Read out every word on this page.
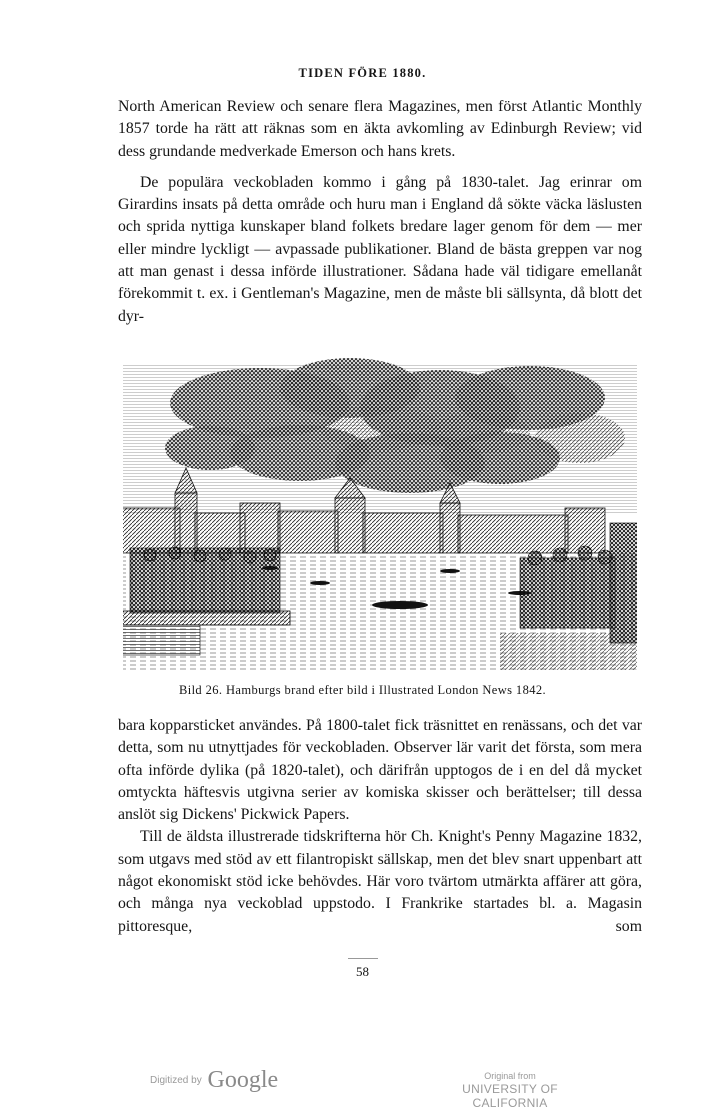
TIDEN FÖRE 1880.

North American Review och senare flera Magazines, men först Atlantic Monthly 1857 torde ha rätt att räknas som en äkta avkomling av Edinburgh Review; vid dess grundande medverkade Emerson och hans krets.

De populära veckobladen kommo i gång på 1830-talet. Jag erinrar om Girardins insats på detta område och huru man i England då sökte väcka läslusten och sprida nyttiga kunskaper bland folkets bredare lager genom för dem — mer eller mindre lyckligt — avpassade publikationer. Bland de bästa greppen var nog att man genast i dessa införde illustrationer. Sådana hade väl tidigare emellanåt förekommit t. ex. i Gentleman's Magazine, men de måste bli sällsynta, då blott det dyr-

Bild 26. Hamburgs brand efter bild i Illustrated London News 1842.

bara kopparsticket användes. På 1800-talet fick träsnittet en renässans, och det var detta, som nu utnyttjades för veckobladen. Observer lär varit det första, som mera ofta införde dylika (på 1820-talet), och därifrån upptogos de i en del då mycket omtyckta häftesvis utgivna serier av komiska skisser och berättelser; till dessa anslöt sig Dickens' Pickwick Papers.

Till de äldsta illustrerade tidskrifterna hör Ch. Knight's Penny Magazine 1832, som utgavs med stöd av ett filantropiskt sällskap, men det blev snart uppenbart att något ekonomiskt stöd icke behövdes. Här voro tvärtom utmärkta affärer att göra, och många nya veckoblad uppstodo. I Frankrike startades bl. a. Magasin pittoresque, som

58
Digitized by Google	Original from
UNIVERSITY OF CALIFORNIA
